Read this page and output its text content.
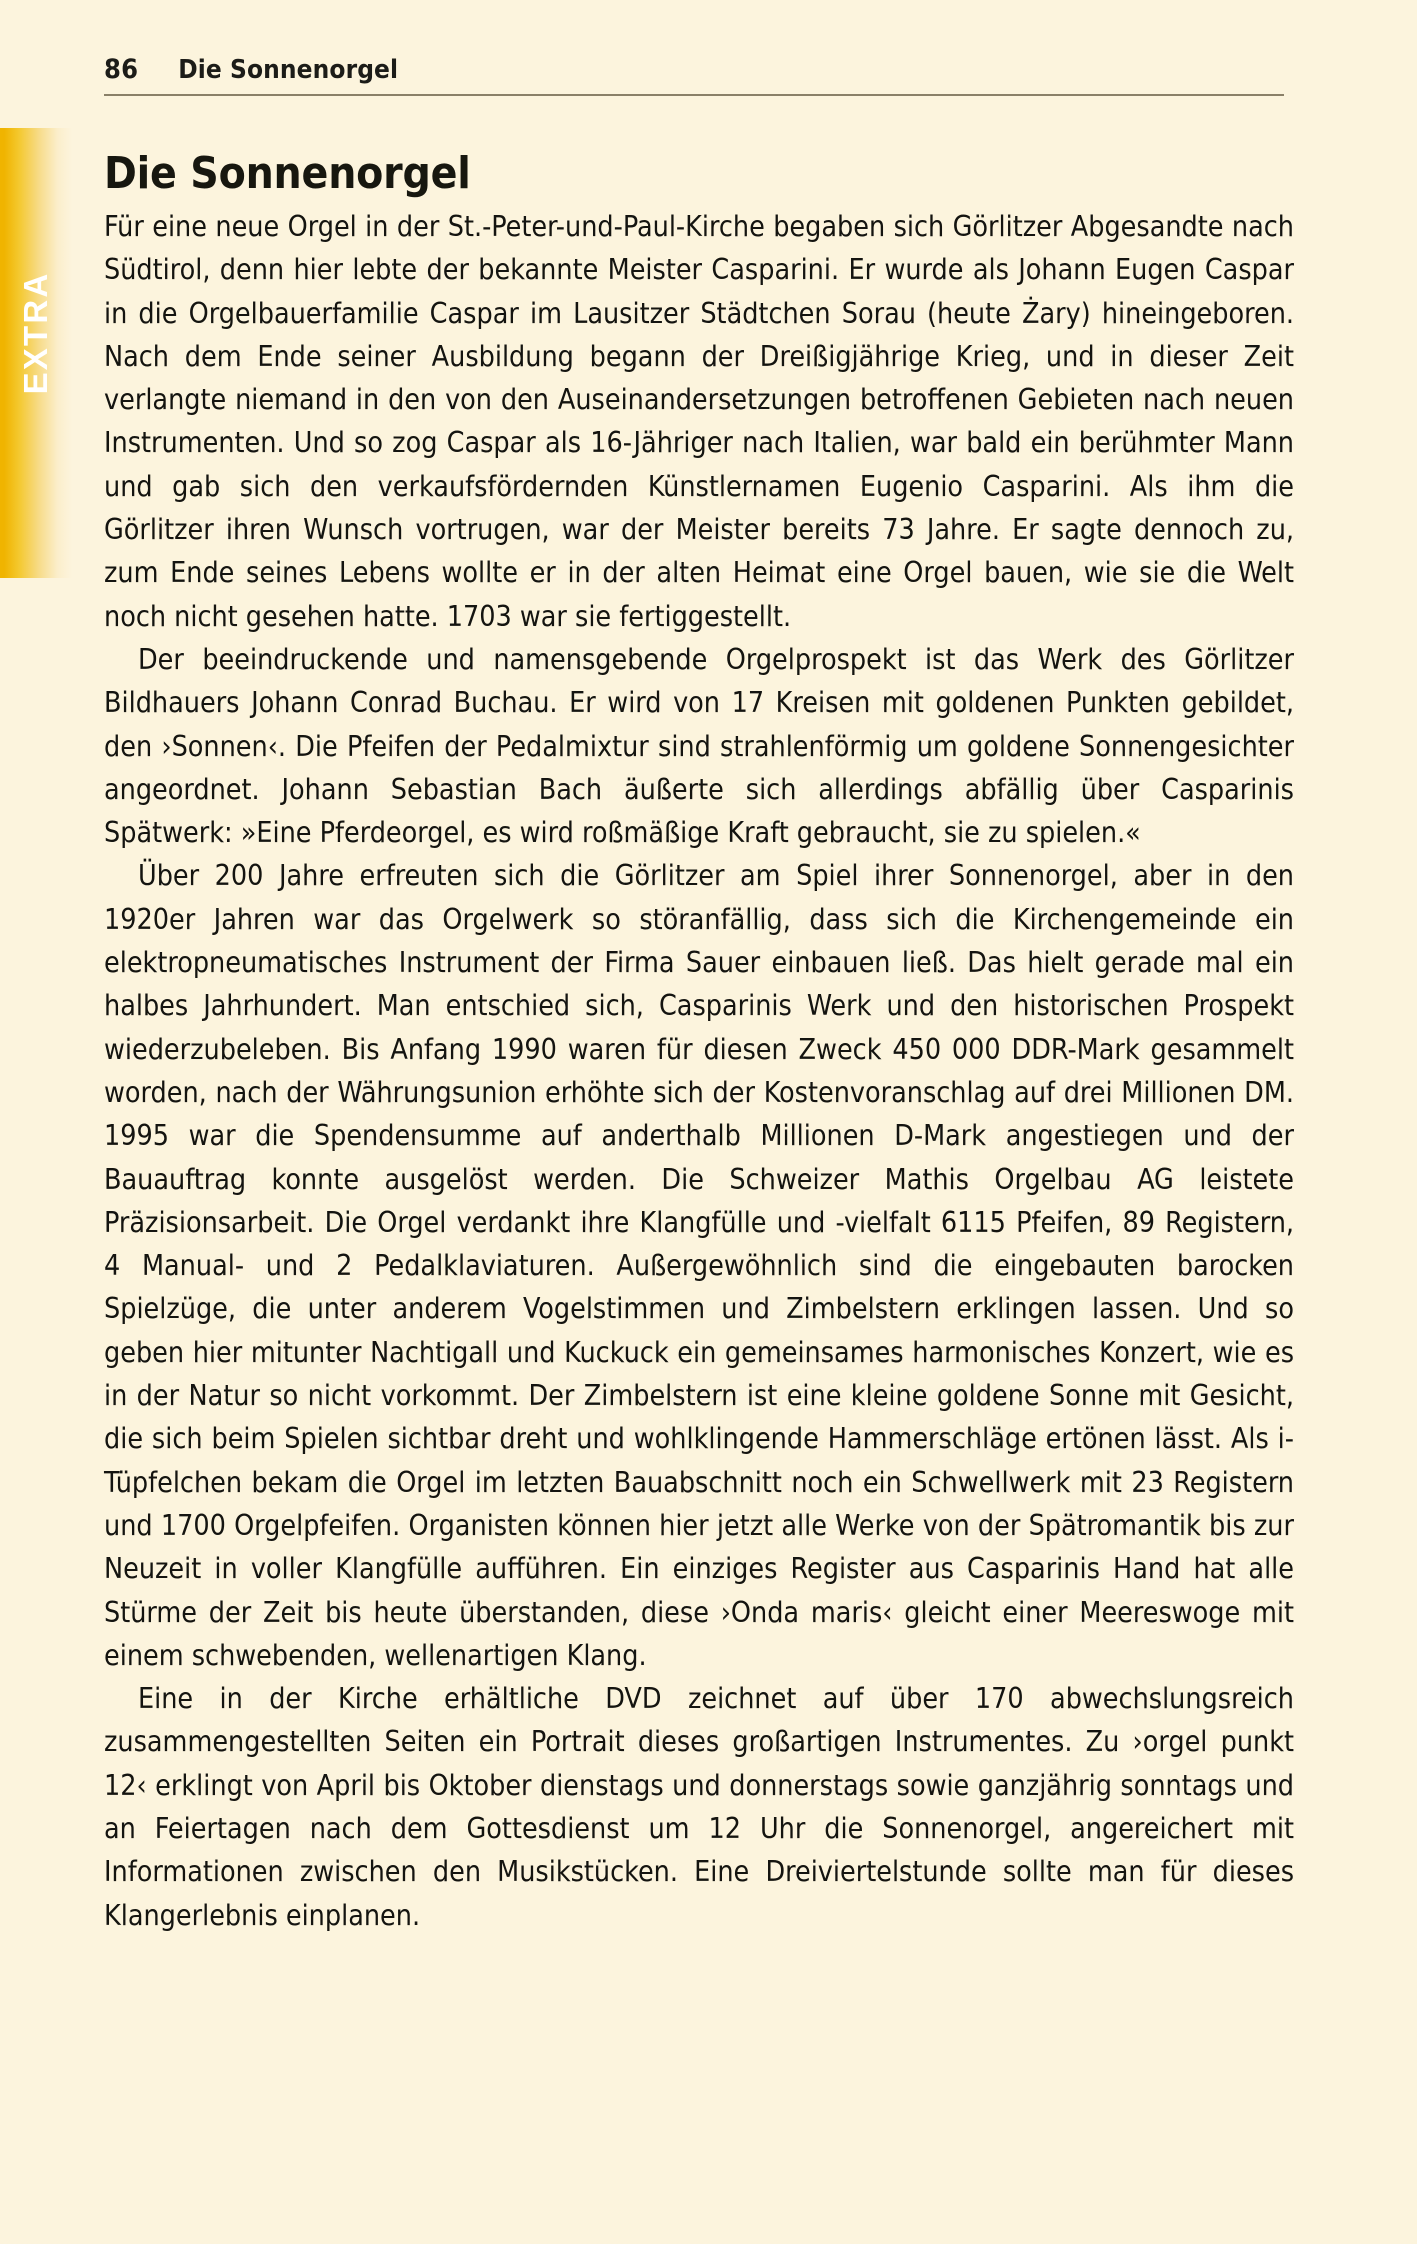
EXTRA
86 Die Sonnenorgel
Die Sonnenorgel

Für eine neue Orgel in der St.-Peter-und-Paul-Kirche begaben sich Görlitzer Abgesandte nach Südtirol, denn hier lebte der bekannte Meister Casparini. Er wurde als Johann Eugen Caspar in die Orgelbauerfamilie Caspar im Lausitzer Städtchen Sorau (heute Żary) hineingeboren. Nach dem Ende seiner Ausbildung begann der Dreißigjährige Krieg, und in dieser Zeit verlangte niemand in den von den Auseinandersetzungen betroffenen Gebieten nach neuen Instrumenten. Und so zog Caspar als 16-Jähriger nach Italien, war bald ein berühmter Mann und gab sich den verkaufsfördernden Künstlernamen Eugenio Casparini. Als ihm die Görlitzer ihren Wunsch vortrugen, war der Meister bereits 73 Jahre. Er sagte dennoch zu, zum Ende seines Lebens wollte er in der alten Heimat eine Orgel bauen, wie sie die Welt noch nicht gesehen hatte. 1703 war sie fertiggestellt.

Der beeindruckende und namensgebende Orgelprospekt ist das Werk des Görlitzer Bildhauers Johann Conrad Buchau. Er wird von 17 Kreisen mit goldenen Punkten gebildet, den ›Sonnen‹. Die Pfeifen der Pedalmixtur sind strahlenförmig um goldene Sonnengesichter angeordnet. Johann Sebastian Bach äußerte sich allerdings abfällig über Casparinis Spätwerk: »Eine Pferdeorgel, es wird roßmäßige Kraft gebraucht, sie zu spielen.«

Über 200 Jahre erfreuten sich die Görlitzer am Spiel ihrer Sonnenorgel, aber in den 1920er Jahren war das Orgelwerk so störanfällig, dass sich die Kirchengemeinde ein elektropneumatisches Instrument der Firma Sauer einbauen ließ. Das hielt gerade mal ein halbes Jahrhundert. Man entschied sich, Casparinis Werk und den historischen Prospekt wiederzubeleben. Bis Anfang 1990 waren für diesen Zweck 450 000 DDR-Mark gesammelt worden, nach der Währungsunion erhöhte sich der Kostenvoranschlag auf drei Millionen DM. 1995 war die Spendensumme auf anderthalb Millionen D-Mark angestiegen und der Bauauftrag konnte ausgelöst werden. Die Schweizer Mathis Orgelbau AG leistete Präzisionsarbeit. Die Orgel verdankt ihre Klangfülle und -vielfalt 6115 Pfeifen, 89 Registern, 4 Manual- und 2 Pedalklaviaturen. Außergewöhnlich sind die eingebauten barocken Spielzüge, die unter anderem Vogelstimmen und Zimbelstern erklingen lassen. Und so geben hier mitunter Nachtigall und Kuckuck ein gemeinsames harmonisches Konzert, wie es in der Natur so nicht vorkommt. Der Zimbelstern ist eine kleine goldene Sonne mit Gesicht, die sich beim Spielen sichtbar dreht und wohlklingende Hammerschläge ertönen lässt. Als i-Tüpfelchen bekam die Orgel im letzten Bauabschnitt noch ein Schwellwerk mit 23 Registern und 1700 Orgelpfeifen. Organisten können hier jetzt alle Werke von der Spätromantik bis zur Neuzeit in voller Klangfülle aufführen. Ein einziges Register aus Casparinis Hand hat alle Stürme der Zeit bis heute überstanden, diese ›Onda maris‹ gleicht einer Meereswoge mit einem schwebenden, wellenartigen Klang.

Eine in der Kirche erhältliche DVD zeichnet auf über 170 abwechslungsreich zusammengestellten Seiten ein Portrait dieses großartigen Instrumentes. Zu ›orgel punkt 12‹ erklingt von April bis Oktober dienstags und donnerstags sowie ganzjährig sonntags und an Feiertagen nach dem Gottesdienst um 12 Uhr die Sonnenorgel, angereichert mit Informationen zwischen den Musikstücken. Eine Dreiviertelstunde sollte man für dieses Klangerlebnis einplanen.
